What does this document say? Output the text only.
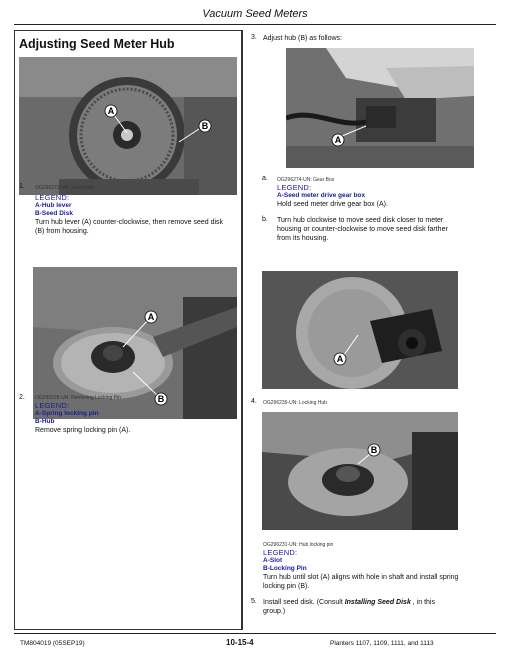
Vacuum Seed Meters
Adjusting Seed Meter Hub
A
B
1. OG296273-UN: Seed Disk
LEGEND:
A-Hub lever
B-Seed Disk
Turn hub lever (A) counter-clockwise, then remove seed disk
(B) from housing.
A
B
2. OG296228-UN: Removing Locking Pin
LEGEND:
A-Spring locking pin
B-Hub
Remove spring locking pin (A).
3. Adjust hub (B) as follows:
A
a. OG296274-UN: Gear Box
LEGEND:
A-Seed meter drive gear box
Hold seed meter drive gear box (A).
b. Turn hub clockwise to move seed disk closer to meter
housing or counter-clockwise to move seed disk farther
from its housing.
A
4. OG296239-UN: Locking Hub
B
OG296231-UN: Hub locking pin
LEGEND:
A-Slot
B-Locking Pin
Turn hub until slot (A) aligns with hole in shaft and install spring
locking pin (B).
5. Install seed disk. (Consult Installing Seed Disk , in this
group.)
TM804019 (05SEP19)	10-15-4	Planters 1107, 1109, 1111, and 1113
